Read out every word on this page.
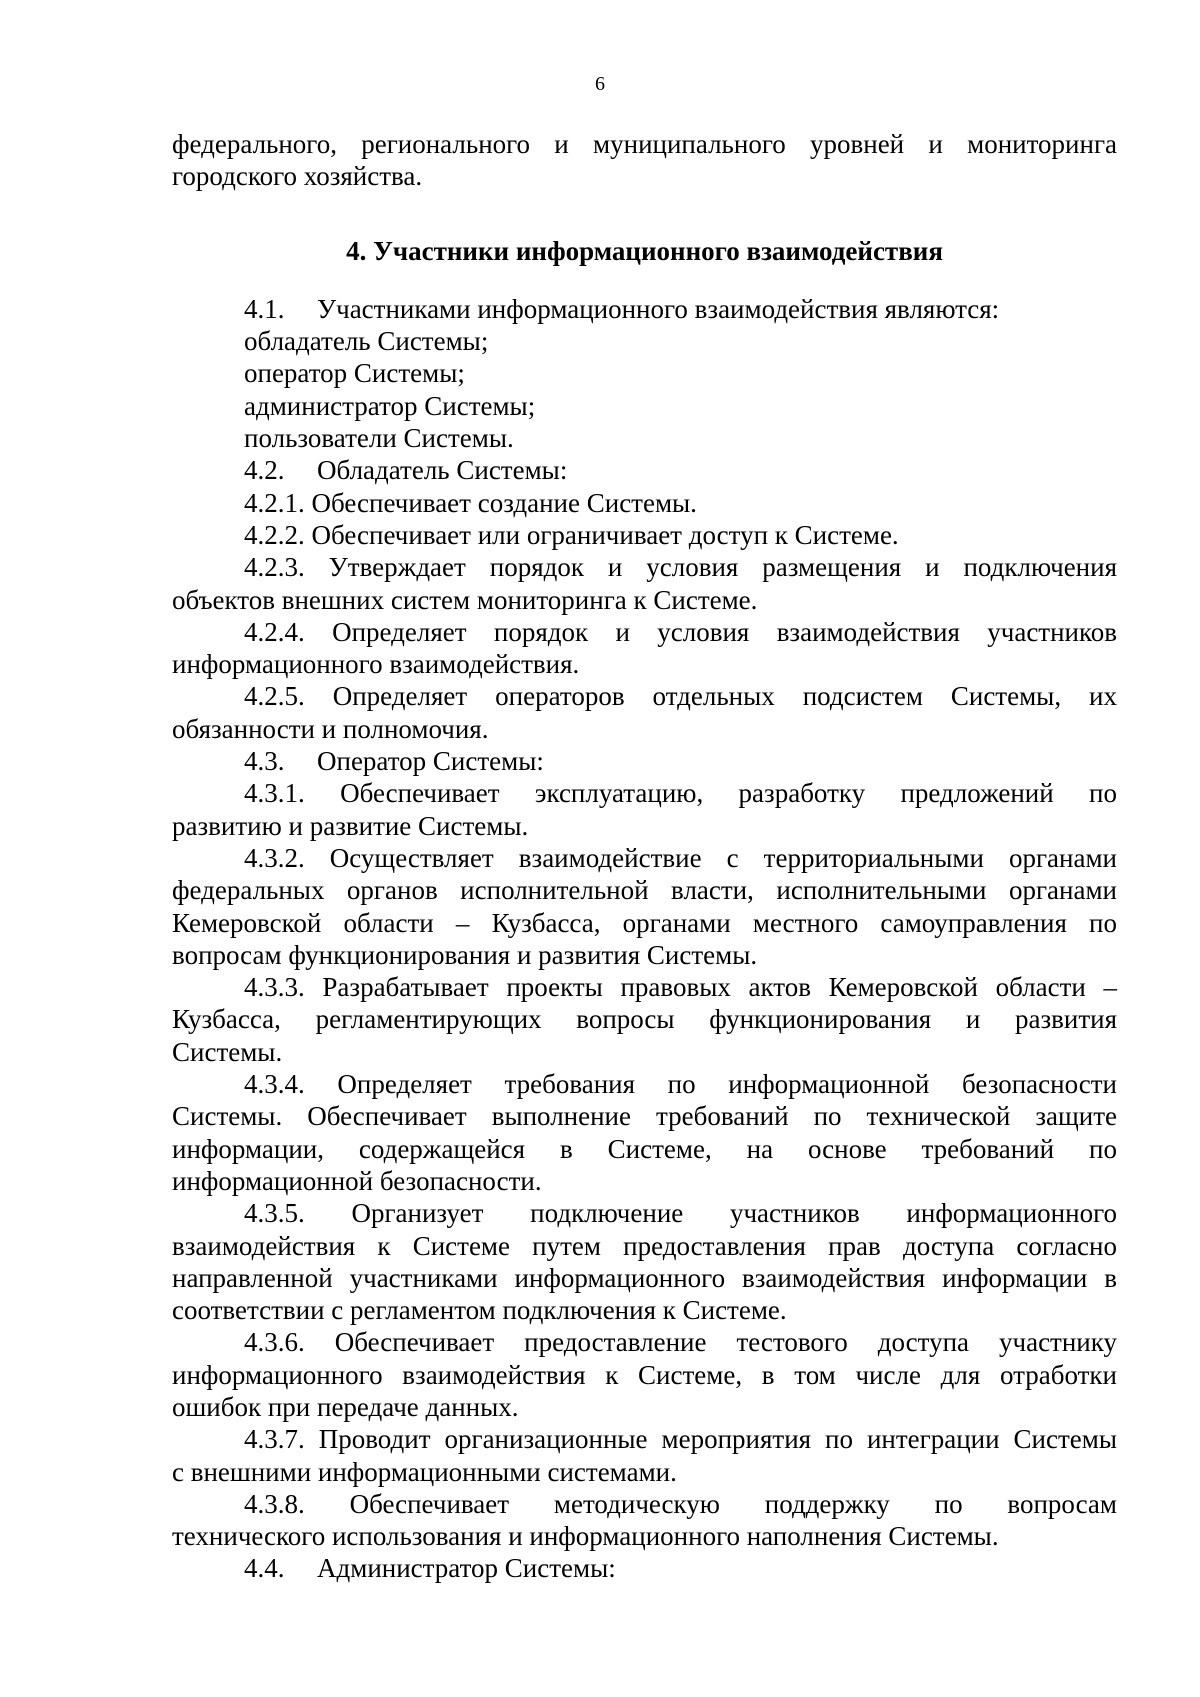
6

федерального, регионального и муниципального уровней и мониторинга

городского хозяйства.

4. Участники информационного взаимодействия

4.1. Участниками информационного взаимодействия являются:

обладатель Системы;

оператор Системы;

администратор Системы;

пользователи Системы.

4.2. Обладатель Системы:

4.2.1. Обеспечивает создание Системы.

4.2.2. Обеспечивает или ограничивает доступ к Системе.

4.2.3. Утверждает порядок и условия размещения и подключения

объектов внешних систем мониторинга к Системе.

4.2.4. Определяет порядок и условия взаимодействия участников

информационного взаимодействия.

4.2.5. Определяет операторов отдельных подсистем Системы, их

обязанности и полномочия.

4.3. Оператор Системы:

4.3.1. Обеспечивает эксплуатацию, разработку предложений по

развитию и развитие Системы.

4.3.2. Осуществляет взаимодействие с территориальными органами

федеральных органов исполнительной власти, исполнительными органами

Кемеровской области – Кузбасса, органами местного самоуправления по

вопросам функционирования и развития Системы.

4.3.3. Разрабатывает проекты правовых актов Кемеровской области –

Кузбасса, регламентирующих вопросы функционирования и развития

Системы.

4.3.4. Определяет требования по информационной безопасности

Системы. Обеспечивает выполнение требований по технической защите

информации, содержащейся в Системе, на основе требований по

информационной безопасности.

4.3.5. Организует подключение участников информационного

взаимодействия к Системе путем предоставления прав доступа согласно

направленной участниками информационного взаимодействия информации в

соответствии с регламентом подключения к Системе.

4.3.6. Обеспечивает предоставление тестового доступа участнику

информационного взаимодействия к Системе, в том числе для отработки

ошибок при передаче данных.

4.3.7. Проводит организационные мероприятия по интеграции Системы

с внешними информационными системами.

4.3.8. Обеспечивает методическую поддержку по вопросам

технического использования и информационного наполнения Системы.

4.4. Администратор Системы:
